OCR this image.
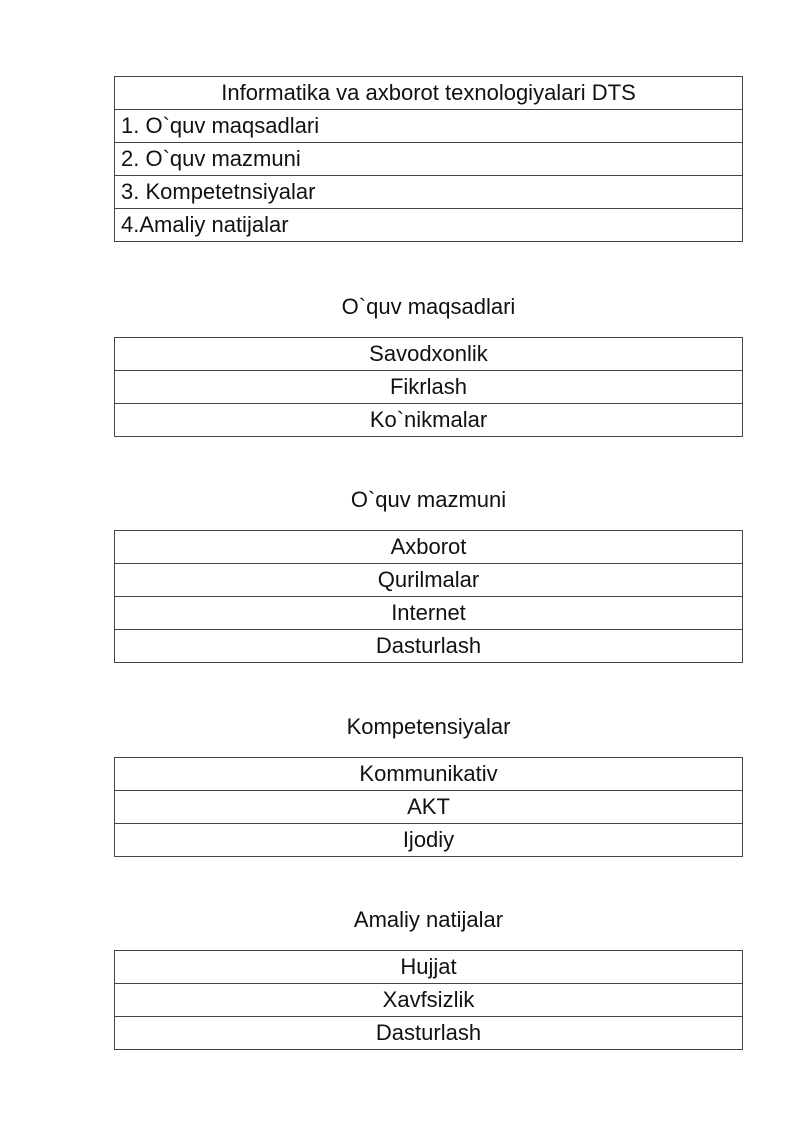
Informatika va axborot texnologiyalari DTS
1. O`quv maqsadlari
2. O`quv mazmuni
3. Kompetetnsiyalar
4.Amaliy natijalar
O`quv maqsadlari
Savodxonlik
Fikrlash
Ko`nikmalar
O`quv mazmuni
Axborot
Qurilmalar
Internet
Dasturlash
Kompetensiyalar
Kommunikativ
AKT
Ijodiy
Amaliy natijalar
Hujjat
Xavfsizlik
Dasturlash
